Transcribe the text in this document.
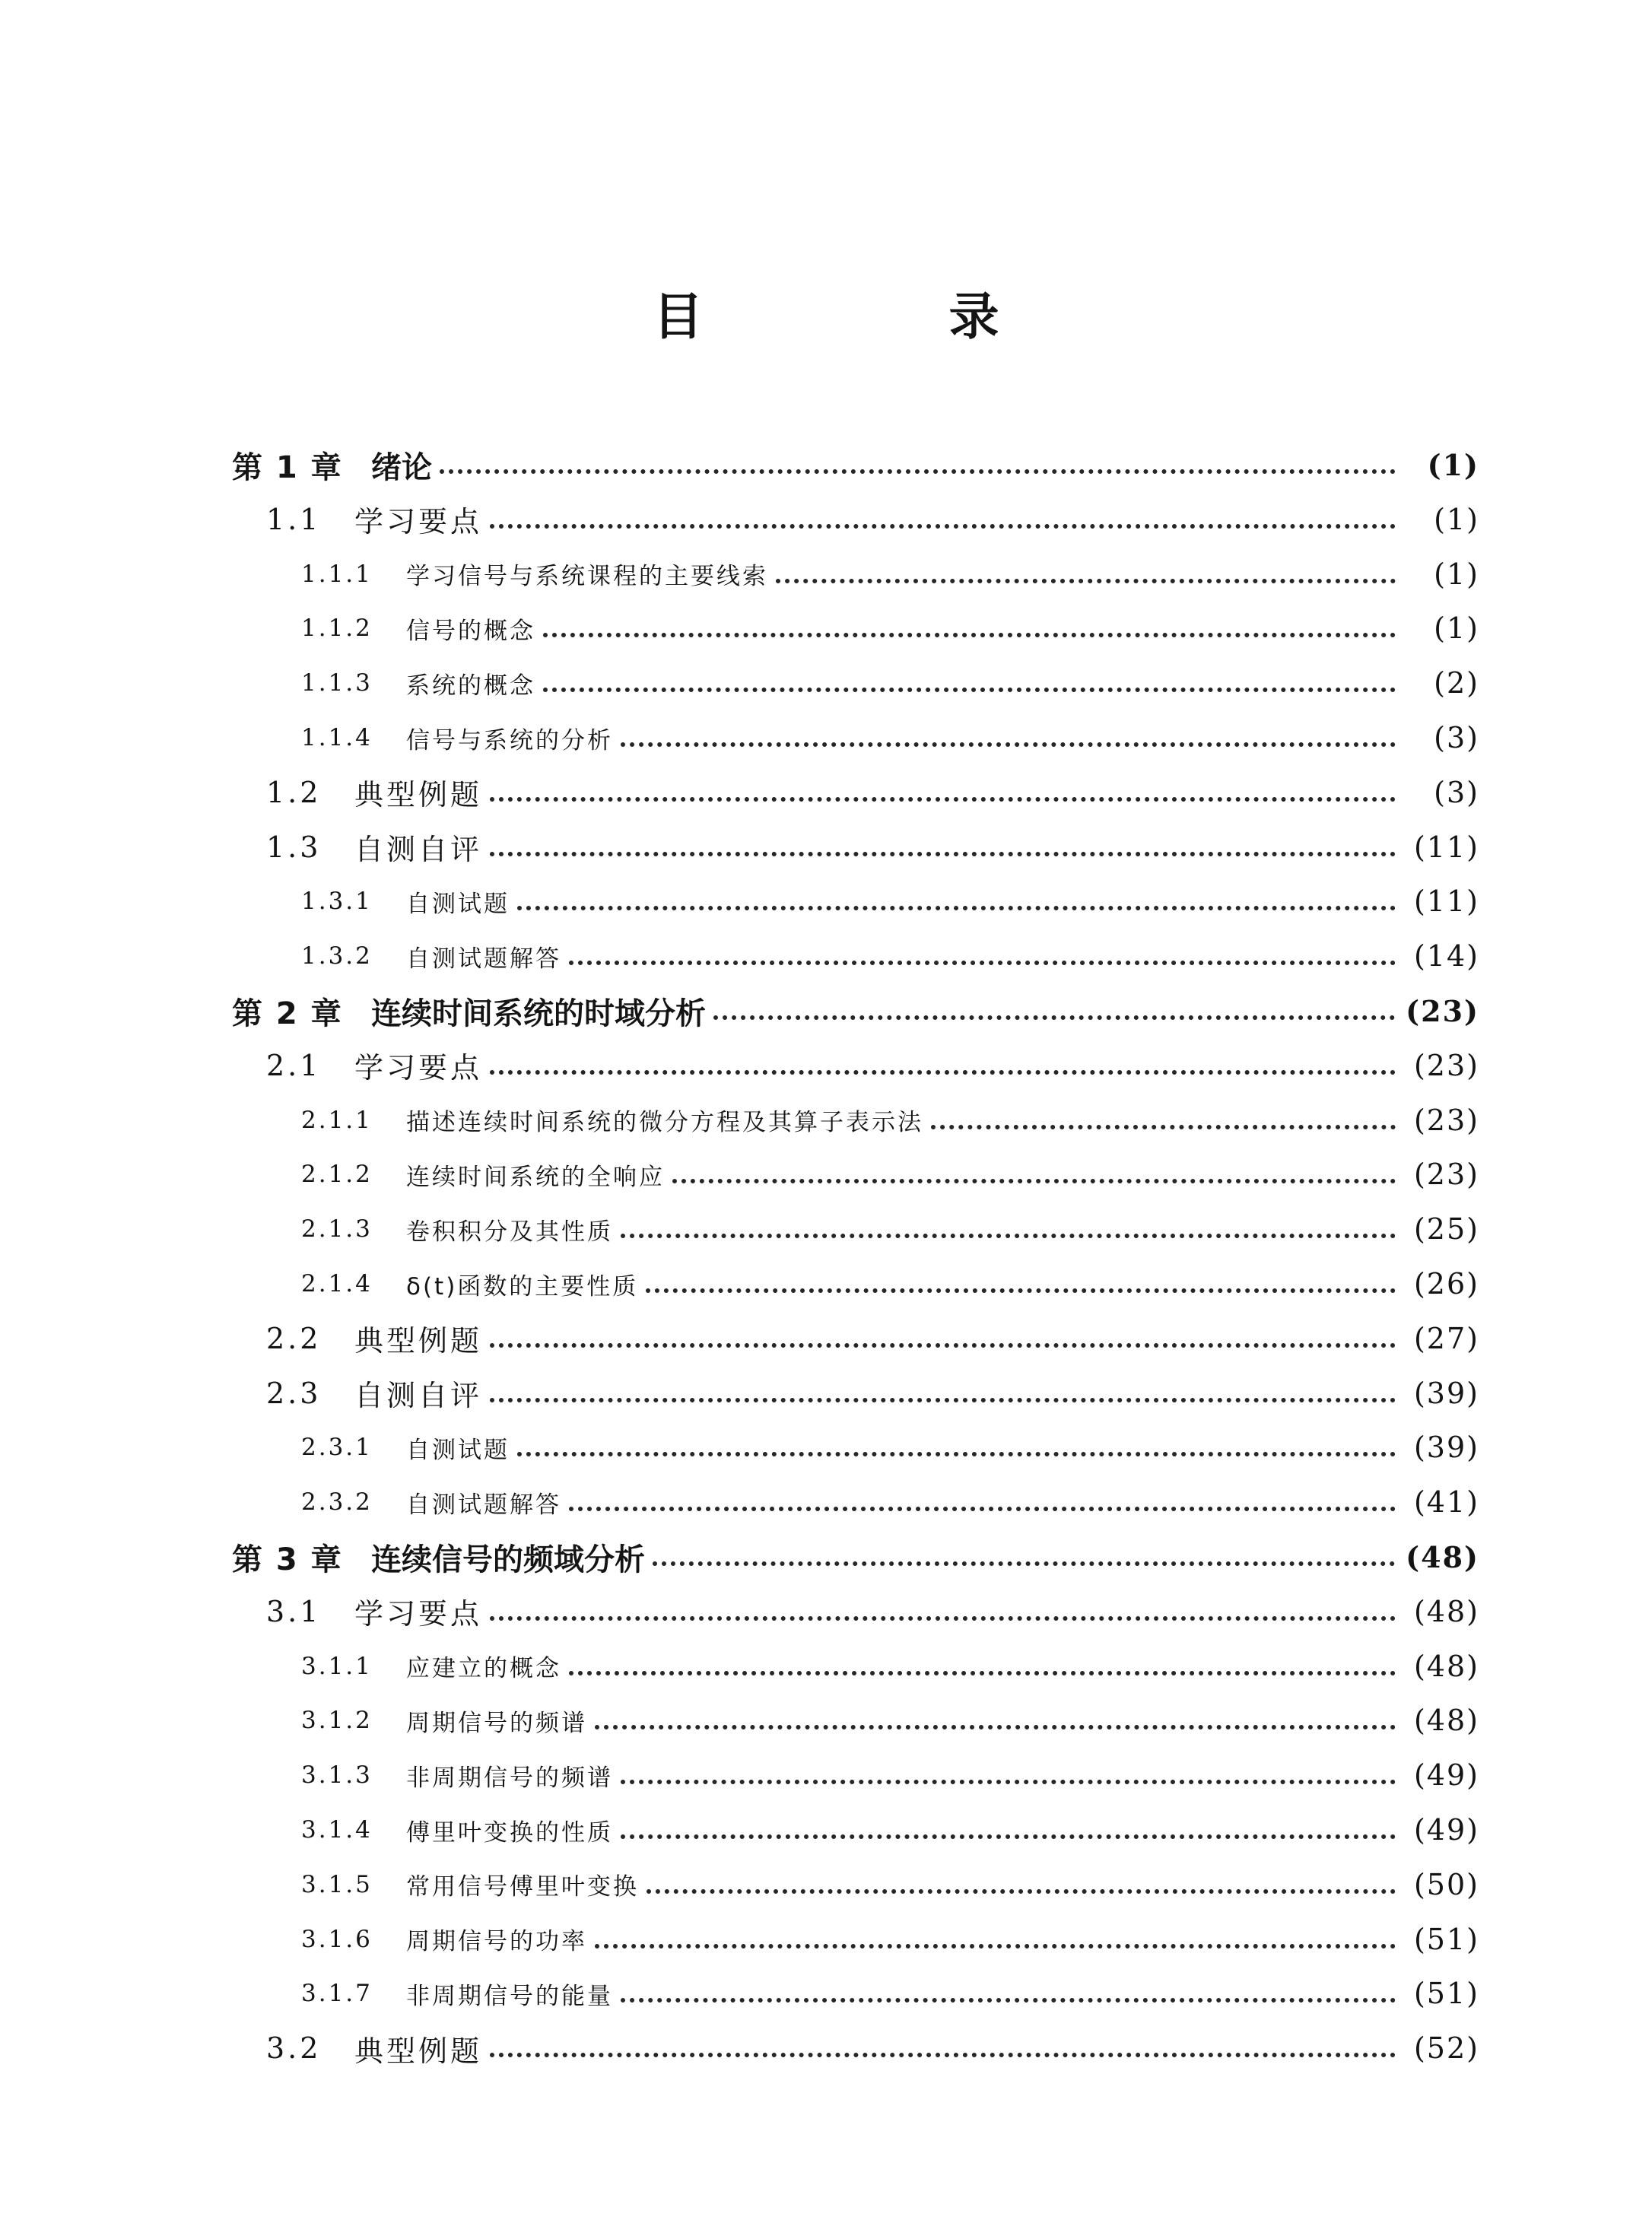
目 录
第 1 章 绪论	(1)
1.1	学习要点	(1)
1.1.1	学习信号与系统课程的主要线索	(1)
1.1.2	信号的概念	(1)
1.1.3	系统的概念	(2)
1.1.4	信号与系统的分析	(3)
1.2	典型例题	(3)
1.3	自测自评	(11)
1.3.1	自测试题	(11)
1.3.2	自测试题解答	(14)
第 2 章 连续时间系统的时域分析	(23)
2.1	学习要点	(23)
2.1.1	描述连续时间系统的微分方程及其算子表示法	(23)
2.1.2	连续时间系统的全响应	(23)
2.1.3	卷积积分及其性质	(25)
2.1.4	δ(t)函数的主要性质	(26)
2.2	典型例题	(27)
2.3	自测自评	(39)
2.3.1	自测试题	(39)
2.3.2	自测试题解答	(41)
第 3 章 连续信号的频域分析	(48)
3.1	学习要点	(48)
3.1.1	应建立的概念	(48)
3.1.2	周期信号的频谱	(48)
3.1.3	非周期信号的频谱	(49)
3.1.4	傅里叶变换的性质	(49)
3.1.5	常用信号傅里叶变换	(50)
3.1.6	周期信号的功率	(51)
3.1.7	非周期信号的能量	(51)
3.2	典型例题	(52)
